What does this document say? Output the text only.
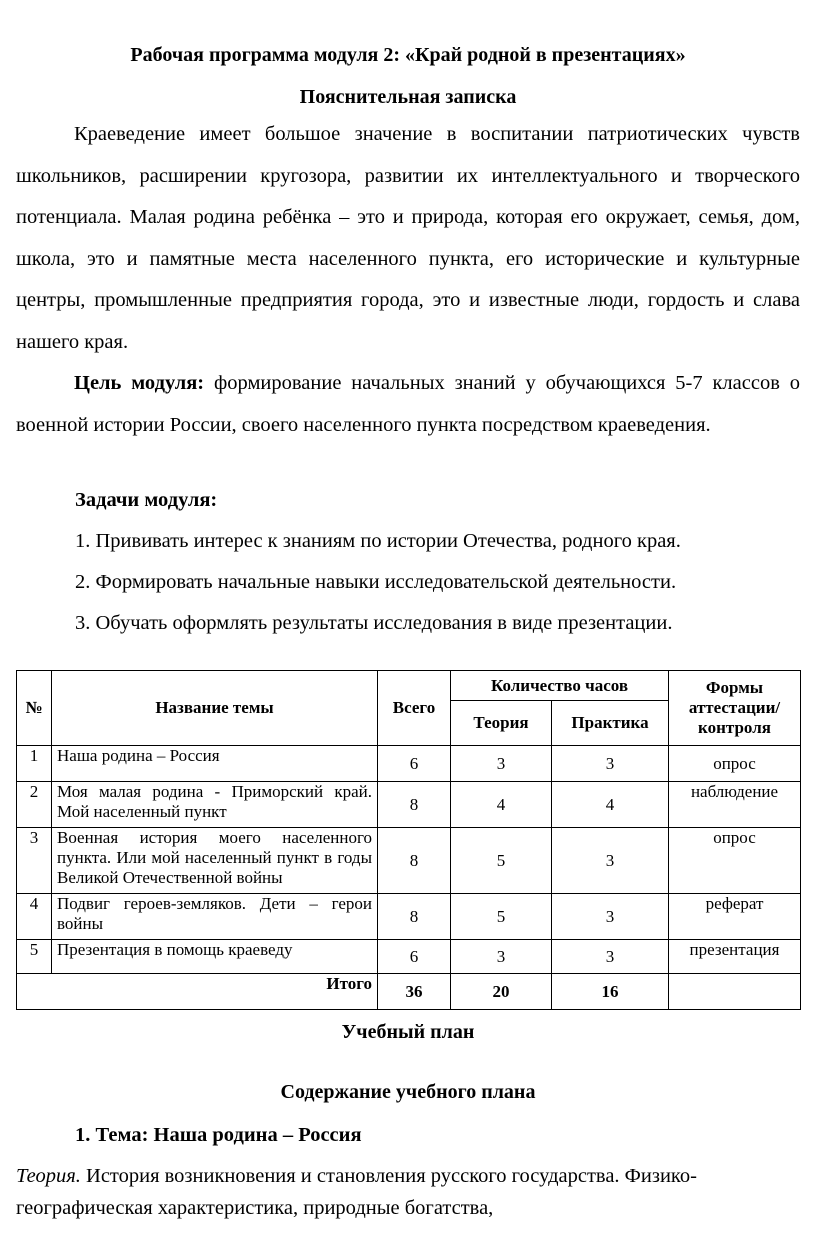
Рабочая программа модуля 2: «Край родной в презентациях»
Пояснительная записка

Краеведение имеет большое значение в воспитании патриотических чувств школьников, расширении кругозора, развитии их интеллектуального и творческого потенциала. Малая родина ребёнка – это и природа, которая его окружает, семья, дом, школа, это и памятные места населенного пункта, его исторические и культурные центры, промышленные предприятия города, это и известные люди, гордость и слава нашего края.

Цель модуля: формирование начальных знаний у обучающихся 5-7 классов о военной истории России, своего населенного пункта посредством краеведения.

Задачи модуля:
1. Прививать интерес к знаниям по истории Отечества, родного края.
2. Формировать начальные навыки исследовательской деятельности.
3. Обучать оформлять результаты исследования в виде презентации.
№	Название темы	Всего	Количество часов		Формы аттестации/ контроля
			Теория	Практика	
1	Наша родина – Россия	6	3	3	опрос
2	Моя малая родина - Приморский край. Мой населенный пункт	8	4	4	наблюдение
3	Военная история моего населенного пункта. Или мой населенный пункт в годы Великой Отечественной войны	8	5	3	опрос
4	Подвиг героев-земляков. Дети – герои войны	8	5	3	реферат
5	Презентация в помощь краеведу	6	3	3	презентация
Итого		36	20	16	
Учебный план
Содержание учебного плана
1. Тема: Наша родина – Россия

Теория. История возникновения и становления русского государства. Физико-географическая характеристика, природные богатства,
